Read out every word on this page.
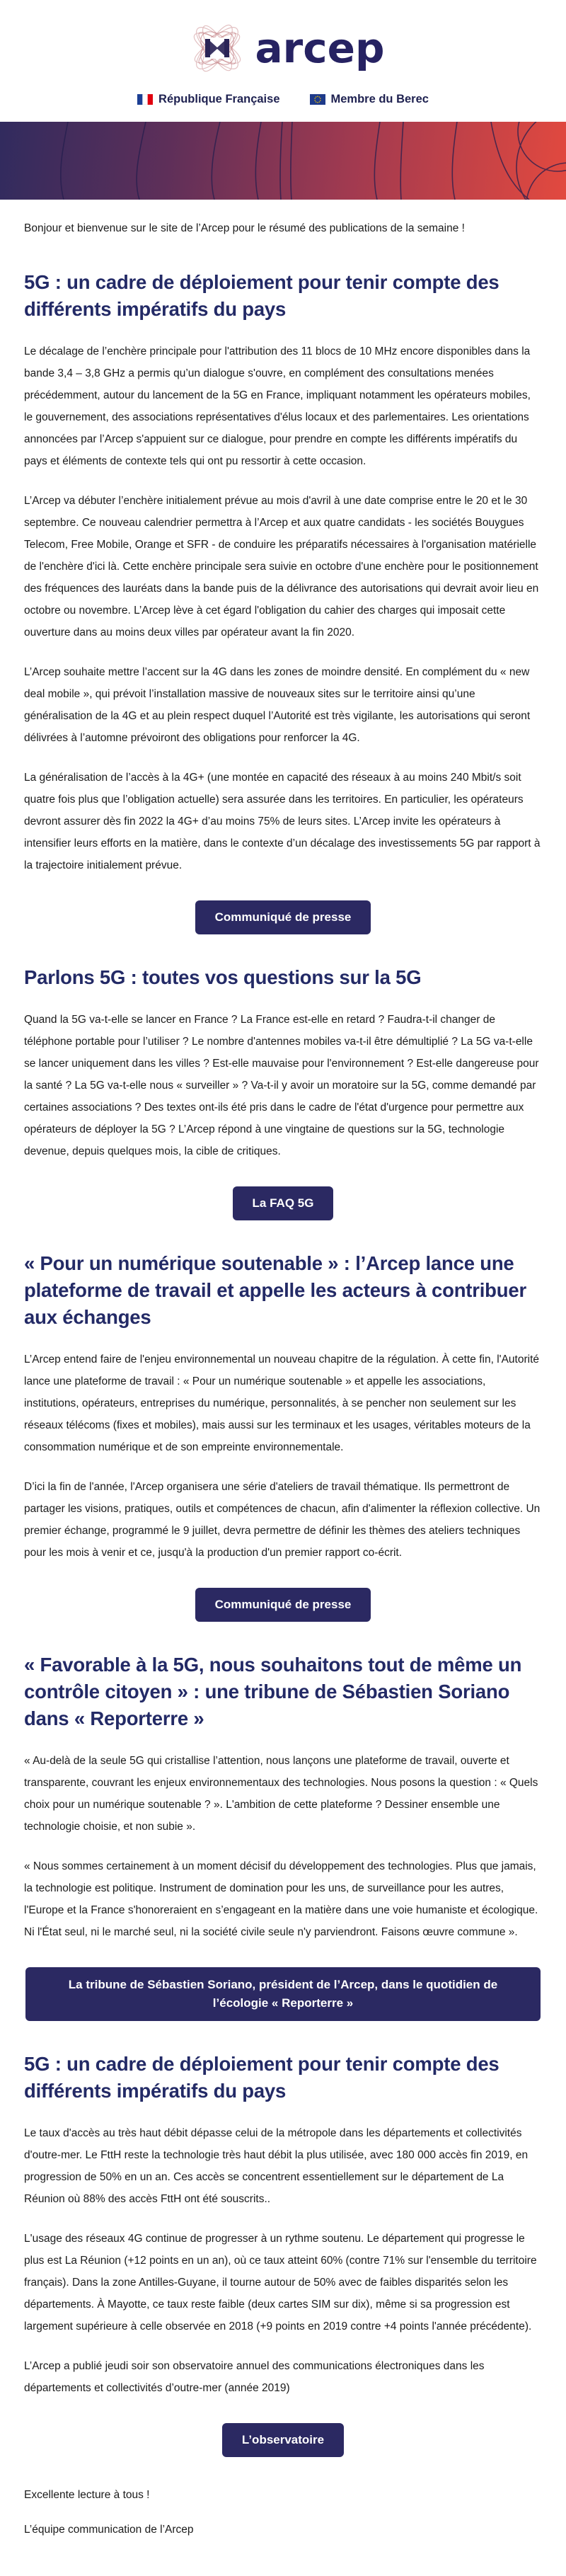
arcep
République Française	Membre du Berec

Bonjour et bienvenue sur le site de l’Arcep pour le résumé des publications de la semaine !

5G : un cadre de déploiement pour tenir compte des différents impératifs du pays

Le décalage de l’enchère principale pour l'attribution des 11 blocs de 10 MHz encore disponibles dans la bande 3,4 – 3,8 GHz a permis qu’un dialogue s'ouvre, en complément des consultations menées précédemment, autour du lancement de la 5G en France, impliquant notamment les opérateurs mobiles, le gouvernement, des associations représentatives d'élus locaux et des parlementaires. Les orientations annoncées par l’Arcep s'appuient sur ce dialogue, pour prendre en compte les différents impératifs du pays et éléments de contexte tels qui ont pu ressortir à cette occasion.

L’Arcep va débuter l’enchère initialement prévue au mois d'avril à une date comprise entre le 20 et le 30 septembre. Ce nouveau calendrier permettra à l’Arcep et aux quatre candidats - les sociétés Bouygues Telecom, Free Mobile, Orange et SFR - de conduire les préparatifs nécessaires à l'organisation matérielle de l'enchère d'ici là. Cette enchère principale sera suivie en octobre d'une enchère pour le positionnement des fréquences des lauréats dans la bande puis de la délivrance des autorisations qui devrait avoir lieu en octobre ou novembre. L’Arcep lève à cet égard l'obligation du cahier des charges qui imposait cette ouverture dans au moins deux villes par opérateur avant la fin 2020.

L’Arcep souhaite mettre l’accent sur la 4G dans les zones de moindre densité. En complément du « new deal mobile », qui prévoit l’installation massive de nouveaux sites sur le territoire ainsi qu’une généralisation de la 4G et au plein respect duquel l’Autorité est très vigilante, les autorisations qui seront délivrées à l’automne prévoiront des obligations pour renforcer la 4G.

La généralisation de l’accès à la 4G+ (une montée en capacité des réseaux à au moins 240 Mbit/s soit quatre fois plus que l’obligation actuelle) sera assurée dans les territoires. En particulier, les opérateurs devront assurer dès fin 2022 la 4G+ d’au moins 75% de leurs sites. L’Arcep invite les opérateurs à intensifier leurs efforts en la matière, dans le contexte d’un décalage des investissements 5G par rapport à la trajectoire initialement prévue.

Communiqué de presse
Parlons 5G : toutes vos questions sur la 5G

Quand la 5G va-t-elle se lancer en France ? La France est-elle en retard ? Faudra-t-il changer de téléphone portable pour l’utiliser ? Le nombre d'antennes mobiles va-t-il être démultiplié ? La 5G va-t-elle se lancer uniquement dans les villes ? Est-elle mauvaise pour l'environnement ? Est-elle dangereuse pour la santé ? La 5G va-t-elle nous « surveiller » ? Va-t-il y avoir un moratoire sur la 5G, comme demandé par certaines associations ? Des textes ont-ils été pris dans le cadre de l'état d'urgence pour permettre aux opérateurs de déployer la 5G ? L’Arcep répond à une vingtaine de questions sur la 5G, technologie devenue, depuis quelques mois, la cible de critiques.

La FAQ 5G
« Pour un numérique soutenable » : l’Arcep lance une plateforme de travail et appelle les acteurs à contribuer aux échanges

L’Arcep entend faire de l'enjeu environnemental un nouveau chapitre de la régulation. À cette fin, l'Autorité lance une plateforme de travail : « Pour un numérique soutenable » et appelle les associations, institutions, opérateurs, entreprises du numérique, personnalités, à se pencher non seulement sur les réseaux télécoms (fixes et mobiles), mais aussi sur les terminaux et les usages, véritables moteurs de la consommation numérique et de son empreinte environnementale.

D’ici la fin de l'année, l'Arcep organisera une série d'ateliers de travail thématique. Ils permettront de partager les visions, pratiques, outils et compétences de chacun, afin d'alimenter la réflexion collective. Un premier échange, programmé le 9 juillet, devra permettre de définir les thèmes des ateliers techniques pour les mois à venir et ce, jusqu'à la production d'un premier rapport co-écrit.

Communiqué de presse
« Favorable à la 5G, nous souhaitons tout de même un contrôle citoyen » : une tribune de Sébastien Soriano dans « Reporterre »

« Au-delà de la seule 5G qui cristallise l’attention, nous lançons une plateforme de travail, ouverte et transparente, couvrant les enjeux environnementaux des technologies. Nous posons la question : « Quels choix pour un numérique soutenable ? ». L'ambition de cette plateforme ? Dessiner ensemble une technologie choisie, et non subie ».

« Nous sommes certainement à un moment décisif du développement des technologies. Plus que jamais, la technologie est politique. Instrument de domination pour les uns, de surveillance pour les autres, l'Europe et la France s'honoreraient en s’engageant en la matière dans une voie humaniste et écologique. Ni l'État seul, ni le marché seul, ni la société civile seule n'y parviendront. Faisons œuvre commune ».

La tribune de Sébastien Soriano, président de l’Arcep, dans le quotidien de l’écologie « Reporterre »
5G : un cadre de déploiement pour tenir compte des différents impératifs du pays

Le taux d'accès au très haut débit dépasse celui de la métropole dans les départements et collectivités d'outre-mer. Le FttH reste la technologie très haut débit la plus utilisée, avec 180 000 accès fin 2019, en progression de 50% en un an. Ces accès se concentrent essentiellement sur le département de La Réunion où 88% des accès FttH ont été souscrits..

L'usage des réseaux 4G continue de progresser à un rythme soutenu. Le département qui progresse le plus est La Réunion (+12 points en un an), où ce taux atteint 60% (contre 71% sur l'ensemble du territoire français). Dans la zone Antilles-Guyane, il tourne autour de 50% avec de faibles disparités selon les départements. À Mayotte, ce taux reste faible (deux cartes SIM sur dix), même si sa progression est largement supérieure à celle observée en 2018 (+9 points en 2019 contre +4 points l'année précédente).

L’Arcep a publié jeudi soir son observatoire annuel des communications électroniques dans les départements et collectivités d’outre-mer (année 2019)

L’observatoire

Excellente lecture à tous !

L’équipe communication de l’Arcep
